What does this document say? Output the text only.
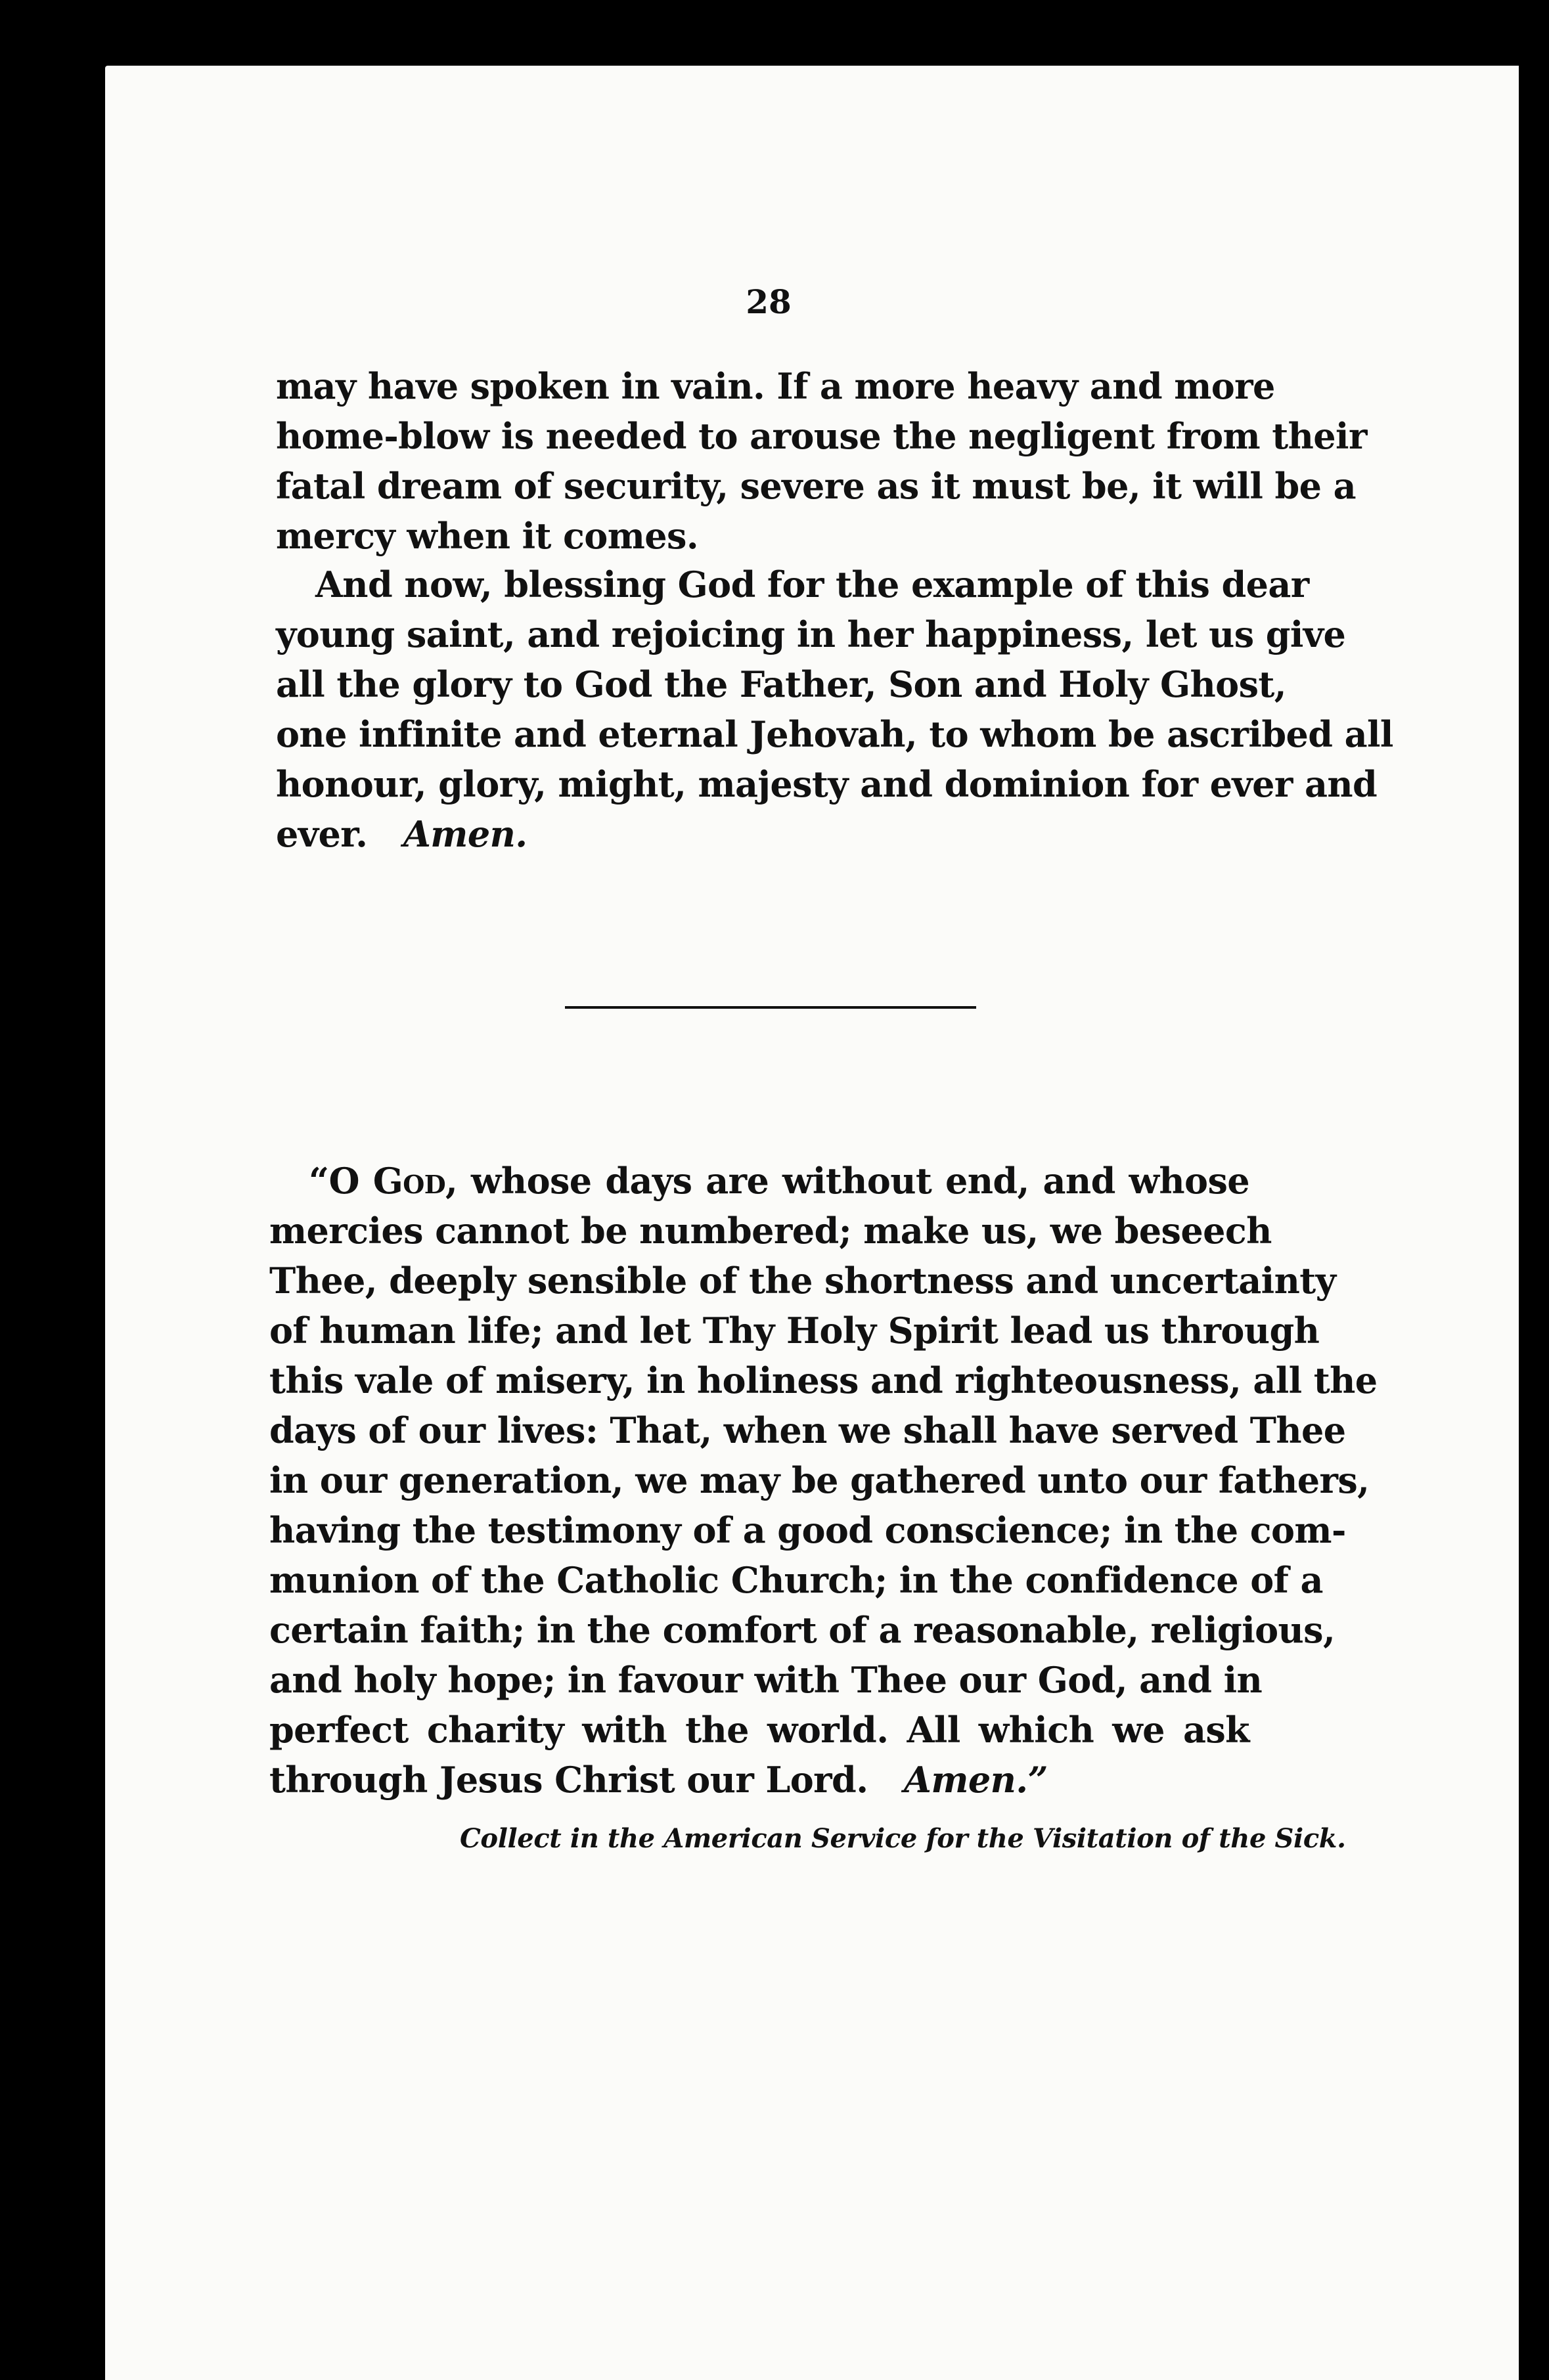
28
may have spoken in vain. If a more heavy and more
home-blow is needed to arouse the negligent from their
fatal dream of security, severe as it must be, it will be a
mercy when it comes.
And now, blessing God for the example of this dear
young saint, and rejoicing in her happiness, let us give
all the glory to God the Father, Son and Holy Ghost,
one infinite and eternal Jehovah, to whom be ascribed all
honour, glory, might, majesty and dominion for ever and
ever. Amen.
“O God, whose days are without end, and whose
mercies cannot be numbered; make us, we beseech
Thee, deeply sensible of the shortness and uncertainty
of human life; and let Thy Holy Spirit lead us through
this vale of misery, in holiness and righteousness, all the
days of our lives: That, when we shall have served Thee
in our generation, we may be gathered unto our fathers,
having the testimony of a good conscience; in the com-
munion of the Catholic Church; in the confidence of a
certain faith; in the comfort of a reasonable, religious,
and holy hope; in favour with Thee our God, and in
perfect charity with the world. All which we ask
through Jesus Christ our Lord. Amen.”
Collect in the American Service for the Visitation of the Sick.
